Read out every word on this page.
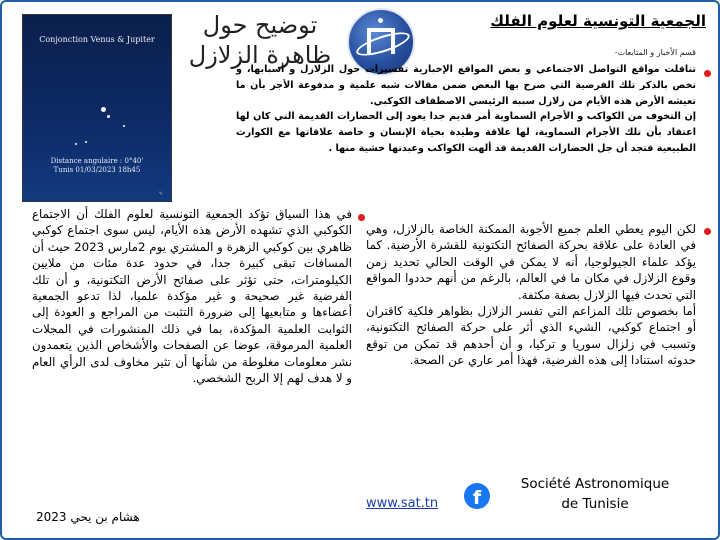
Conjonction Venus & Jupiter
Distance angulaire : 0°40'
Tunis 01/03/2023 18h45
✎
توضيح حول
ظاهرة الزلازل
الجمعية التونسية لعلوم الفلك
قسم الأخبار و المتابعات-
تناقلت مواقع التواصل الاجتماعي و بعض المواقع الإخبارية تفسيرات حول الزلازل و أسبابها، و نخص بالذكر تلك الفرضية التي صرح بها البعض ضمن مقالات شبه علمية و مدفوعة الأجر بأن ما تعيشه الأرض هذه الأيام من زلازل سببه الرئيسي الاصطفاف الكوكبي.
إن التخوف من الكواكب و الأجرام السماوية أمر قديم جدا يعود إلى الحضارات القديمة التي كان لها اعتقاد بأن تلك الأجرام السماوية، لها علاقة وطيدة بحياة الإنسان و خاصة علاقاتها مع الكوارث الطبيعية فتجد أن جل الحضارات القديمة قد ألهت الكواكب وعبدتها خشية منها .
لكن اليوم يعطي العلم جميع الأجوبة الممكنة الخاصة بالزلازل، وهي في العادة على علاقة بحركة الصفائح التكتونية للقشرة الأرضية. كما يؤكد علماء الجيولوجيا، أنه لا يمكن في الوقت الحالي تحديد زمن وقوع الزلازل في مكان ما في العالم، بالرغم من أنهم حددوا المواقع التي تحدث فيها الزلازل بصفة مكثفة.
أما بخصوص تلك المزاعم التي تفسر الزلازل بظواهر فلكية كاقتران أو اجتماع كوكبي، الشيء الذي أثر على حركة الصفائح التكتونية، وتسبب في زلزال سوريا و تركيا، و أن أحدهم قد تمكن من توقع حدوثه استنادا إلى هذه الفرضية، فهذا أمر عاري عن الصحة.
في هذا السياق تؤكد الجمعية التونسية لعلوم الفلك أن الاجتماع الكوكبي الذي تشهده الأرض هذه الأيام، ليس سوى اجتماع كوكبي ظاهري بين كوكبي الزهرة و المشتري يوم 2مارس 2023 حيث أن المسافات تبقى كبيرة جدا، في حدود عدة مئات من ملايين الكيلومترات، حتى تؤثر على صفائح الأرض التكتونية، و أن تلك الفرضية غير صحيحة و غير مؤكدة علميا، لذا تدعو الجمعية أعضاءها و متابعيها إلى ضرورة التثبت من المراجع و العودة إلى الثوابت العلمية المؤكدة، بما في ذلك المنشورات في المجلات العلمية المرموقة، عوضا عن الصفحات والأشخاص الذين يتعمدون نشر معلومات مغلوطة من شأنها أن تثير مخاوف لدى الرأي العام و لا هدف لهم إلا الربح الشخصي.
هشام بن يحي 2023
www.sat.tn	f
Société Astronomique
de Tunisie
